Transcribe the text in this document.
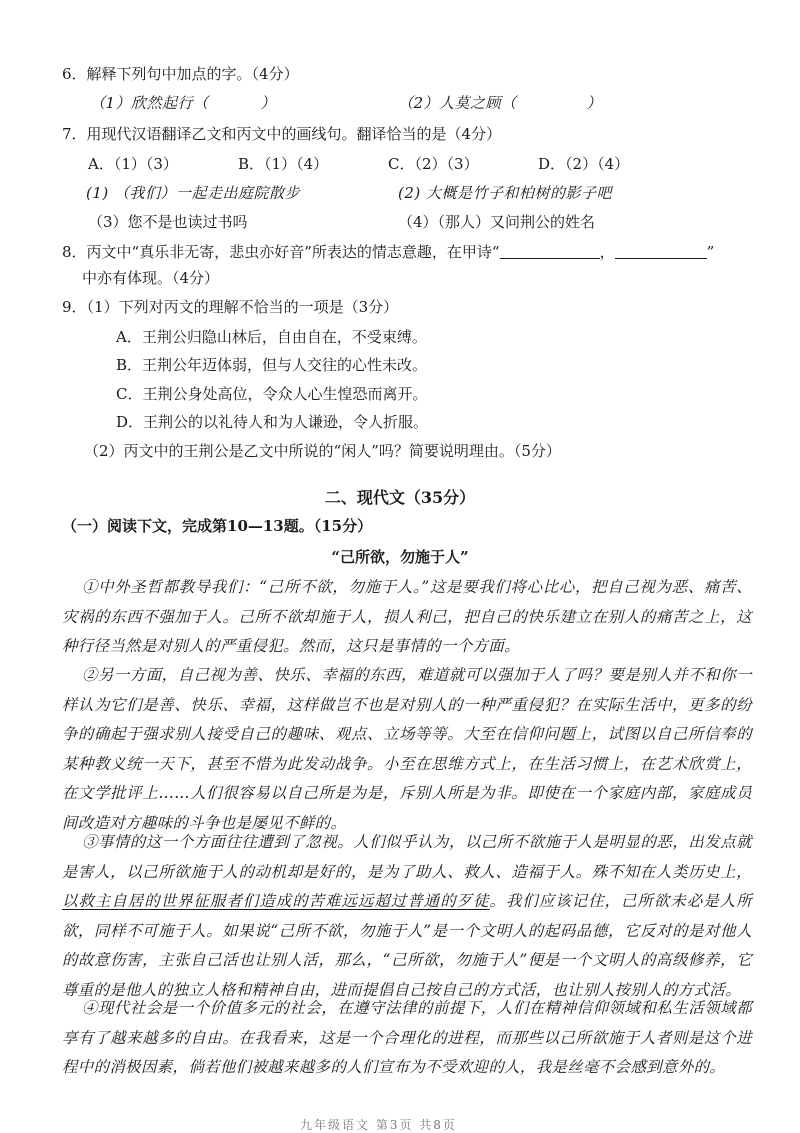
6．解释下列句中加点的字。（4分）
（1）欣然起行（	）	（2）人莫之顾（	）
7．用现代汉语翻译乙文和丙文中的画线句。翻译恰当的是（4分）
A．（1）（3）	B．（1）（4）	C．（2）（3）	D．（2）（4）
(1) （我们）一起走出庭院散步	(2) 大概是竹子和柏树的影子吧
（3）您不是也读过书吗	（4）（那人）又问荆公的姓名
8．丙文中“真乐非无寄，悲虫亦好音”所表达的情志意趣，在甲诗“	，	”
中亦有体现。（4分）
9．（1）下列对丙文的理解不恰当的一项是（3分）
A．王荆公归隐山林后，自由自在，不受束缚。
B．王荆公年迈体弱，但与人交往的心性未改。
C．王荆公身处高位，令众人心生惶恐而离开。
D．王荆公的以礼待人和为人谦逊，令人折服。
（2）丙文中的王荆公是乙文中所说的“闲人”吗？简要说明理由。（5分）
二、现代文（35分）
（一）阅读下文，完成第10—13题。（15分）
“己所欲，勿施于人”
①中外圣哲都教导我们：“己所不欲，勿施于人。”这是要我们将心比心，把自己视为恶、痛苦、灾祸的东西不强加于人。己所不欲却施于人，损人利己，把自己的快乐建立在别人的痛苦之上，这种行径当然是对别人的严重侵犯。然而，这只是事情的一个方面。
②另一方面，自己视为善、快乐、幸福的东西，难道就可以强加于人了吗？要是别人并不和你一样认为它们是善、快乐、幸福，这样做岂不也是对别人的一种严重侵犯？在实际生活中，更多的纷争的确起于强求别人接受自己的趣味、观点、立场等等。大至在信仰问题上，试图以自己所信奉的某种教义统一天下，甚至不惜为此发动战争。小至在思维方式上，在生活习惯上，在艺术欣赏上，在文学批评上……人们很容易以自己所是为是，斥别人所是为非。即使在一个家庭内部，家庭成员间改造对方趣味的斗争也是屡见不鲜的。
③事情的这一个方面往往遭到了忽视。人们似乎认为，以己所不欲施于人是明显的恶，出发点就是害人，以己所欲施于人的动机却是好的，是为了助人、救人、造福于人。殊不知在人类历史上，以救主自居的世界征服者们造成的苦难远远超过普通的歹徒。我们应该记住，己所欲未必是人所欲，同样不可施于人。如果说“己所不欲，勿施于人”是一个文明人的起码品德，它反对的是对他人的故意伤害，主张自己活也让别人活，那么，“己所欲，勿施于人”便是一个文明人的高级修养，它尊重的是他人的独立人格和精神自由，进而提倡自己按自己的方式活，也让别人按别人的方式活。
④现代社会是一个价值多元的社会，在遵守法律的前提下，人们在精神信仰领域和私生活领域都享有了越来越多的自由。在我看来，这是一个合理化的进程，而那些以己所欲施于人者则是这个进程中的消极因素，倘若他们被越来越多的人们宣布为不受欢迎的人，我是丝毫不会感到意外的。
九年级语文 第3页 共8页
